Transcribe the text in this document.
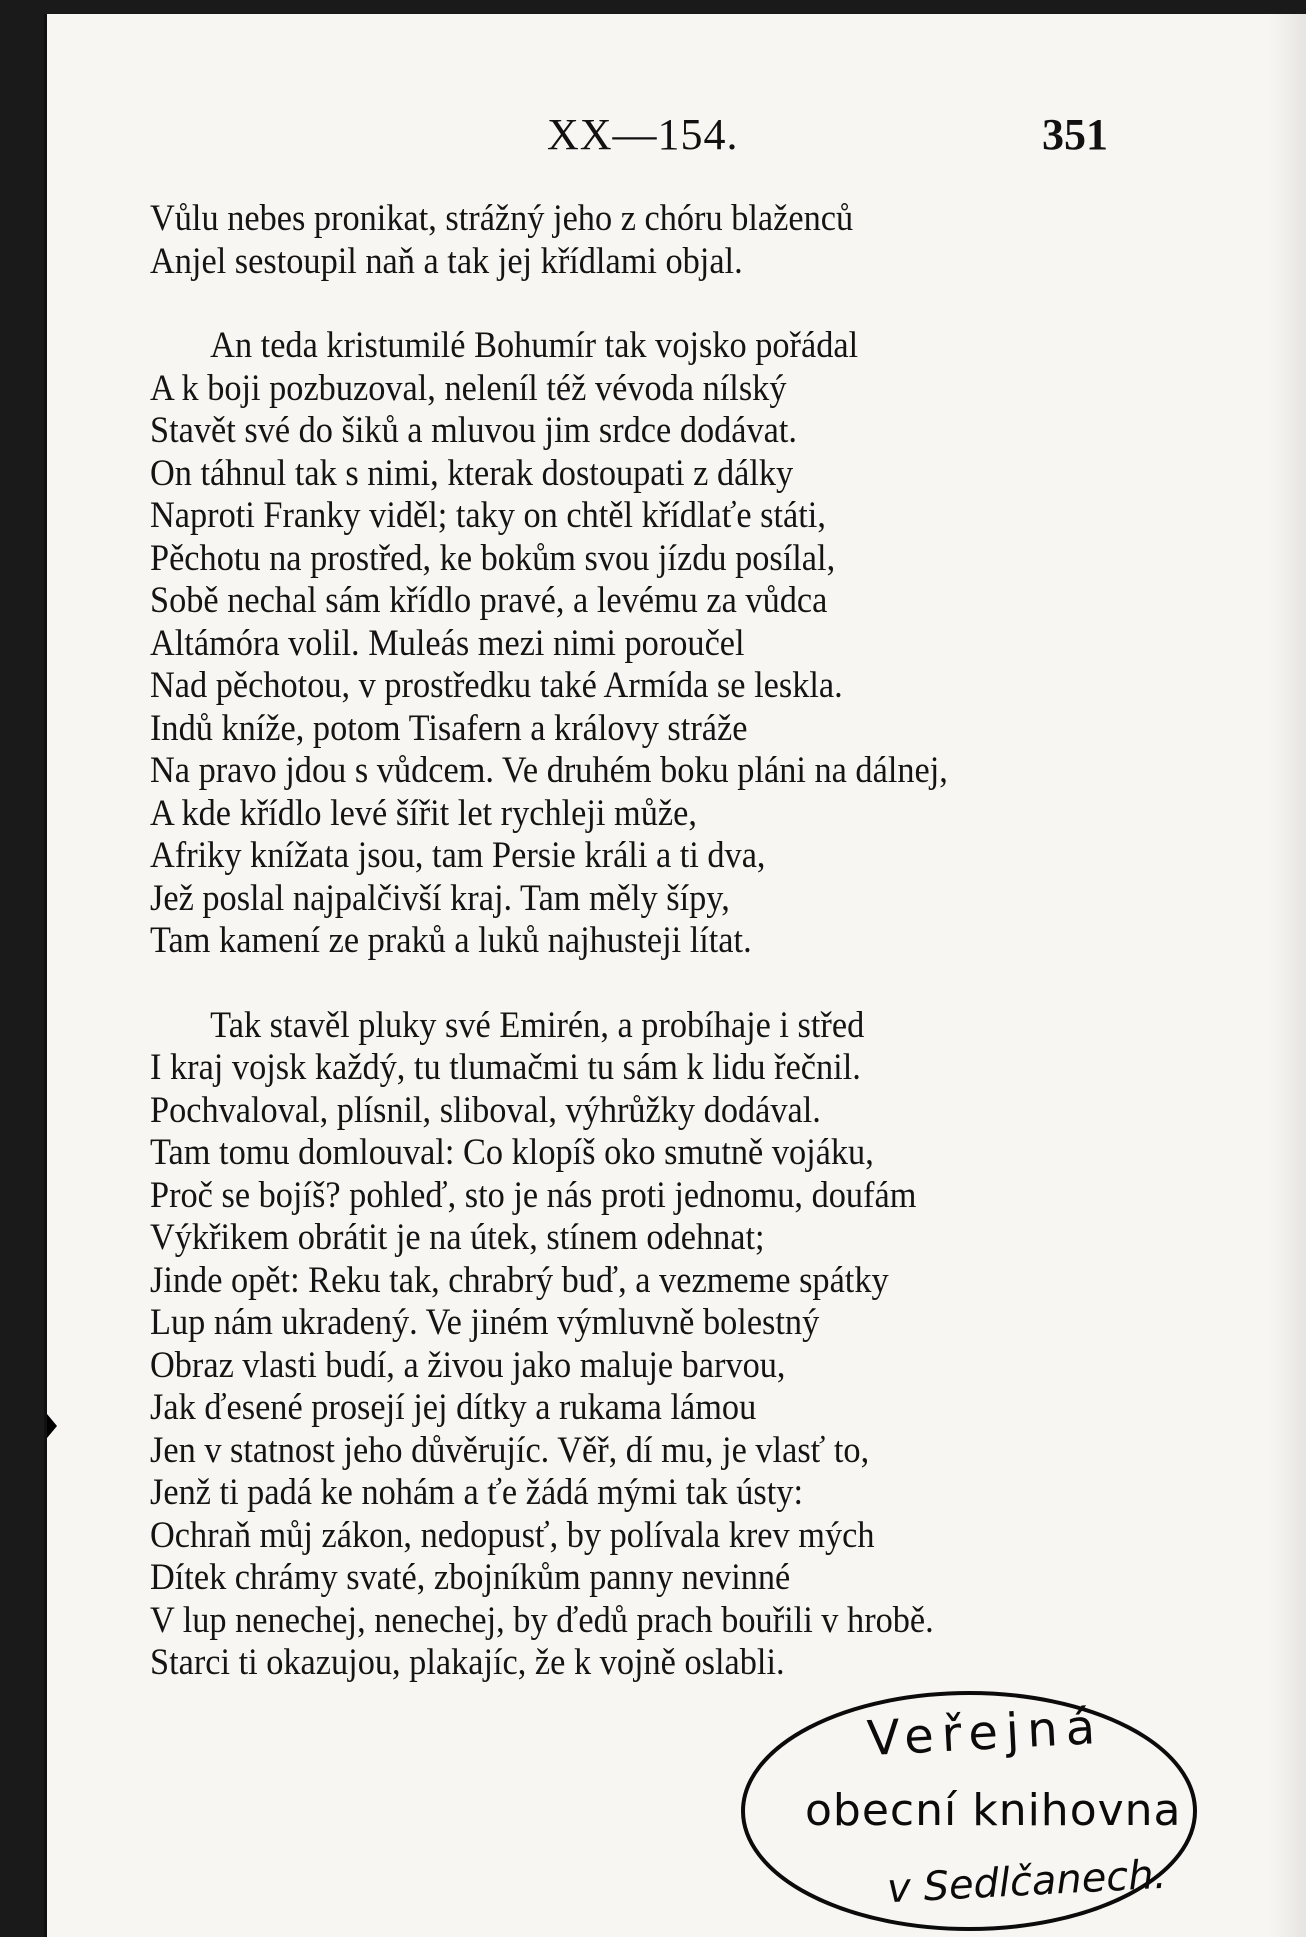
XX—154.	351
Vůlu nebes pronikat, strážný jeho z chóru blaženců
Anjel sestoupil naň a tak jej křídlami objal.
An teda kristumilé Bohumír tak vojsko pořádal
A k boji pozbuzoval, neleníl též vévoda nílský
Stavět své do šiků a mluvou jim srdce dodávat.
On táhnul tak s nimi, kterak dostoupati z dálky
Naproti Franky viděl; taky on chtěl křídlaťe státi,
Pěchotu na prostřed, ke bokům svou jízdu posílal,
Sobě nechal sám křídlo pravé, a levému za vůdca
Altámóra volil. Muleás mezi nimi poroučel
Nad pěchotou, v prostředku také Armída se leskla.
Indů kníže, potom Tisafern a královy stráže
Na pravo jdou s vůdcem. Ve druhém boku pláni na dálnej,
A kde křídlo levé šířit let rychleji může,
Afriky knížata jsou, tam Persie králi a ti dva,
Jež poslal najpalčivší kraj. Tam měly šípy,
Tam kamení ze praků a luků najhusteji lítat.
Tak stavěl pluky své Emirén, a probíhaje i střed
I kraj vojsk každý, tu tlumačmi tu sám k lidu řečnil.
Pochvaloval, plísnil, sliboval, výhrůžky dodával.
Tam tomu domlouval: Co klopíš oko smutně vojáku,
Proč se bojíš? pohleď, sto je nás proti jednomu, doufám
Výkřikem obrátit je na útek, stínem odehnat;
Jinde opět: Reku tak, chrabrý buď, a vezmeme spátky
Lup nám ukradený. Ve jiném výmluvně bolestný
Obraz vlasti budí, a živou jako maluje barvou,
Jak ďesené prosejí jej dítky a rukama lámou
Jen v statnost jeho důvěrujíc. Věř, dí mu, je vlasť to,
Jenž ti padá ke nohám a ťe žádá mými tak ústy:
Ochraň můj zákon, nedopusť, by polívala krev mých
Dítek chrámy svaté, zbojníkům panny nevinné
V lup nenechej, nenechej, by ďedů prach bouřili v hrobě.
Starci ti okazujou, plakajíc, že k vojně oslabli.
Veřejná
obecní knihovna
v Sedlčanech.
